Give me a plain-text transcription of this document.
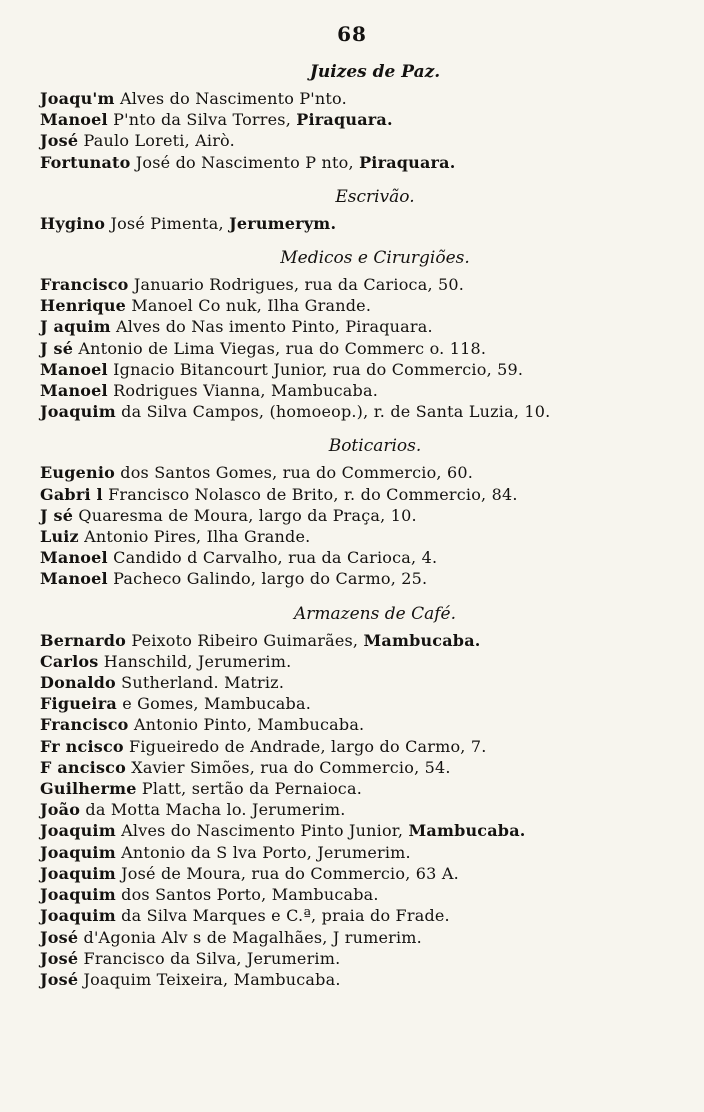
68
Juizes de Paz.
Joaqu'm Alves do Nascimento P'nto.
Manoel P'nto da Silva Torres, Piraquara.
José Paulo Loreti, Airò.
Fortunato José do Nascimento P nto, Piraquara.
Escrivão.
Hygino José Pimenta, Jerumerym.
Medicos e Cirurgiões.
Francisco Januario Rodrigues, rua da Carioca, 50.
Henrique Manoel Co nuk, Ilha Grande.
J aquim Alves do Nas imento Pinto, Piraquara.
J sé Antonio de Lima Viegas, rua do Commerc o. 118.
Manoel Ignacio Bitancourt Junior, rua do Commercio, 59.
Manoel Rodrigues Vianna, Mambucaba.
Joaquim da Silva Campos, (homoeop.), r. de Santa Luzia, 10.
Boticarios.
Eugenio dos Santos Gomes, rua do Commercio, 60.
Gabri l Francisco Nolasco de Brito, r. do Commercio, 84.
J sé Quaresma de Moura, largo da Praça, 10.
Luiz Antonio Pires, Ilha Grande.
Manoel Candido d Carvalho, rua da Carioca, 4.
Manoel Pacheco Galindo, largo do Carmo, 25.
Armazens de Café.
Bernardo Peixoto Ribeiro Guimarães, Mambucaba.
Carlos Hanschild, Jerumerim.
Donaldo Sutherland. Matriz.
Figueira e Gomes, Mambucaba.
Francisco Antonio Pinto, Mambucaba.
Fr ncisco Figueiredo de Andrade, largo do Carmo, 7.
F ancisco Xavier Simões, rua do Commercio, 54.
Guilherme Platt, sertão da Pernaioca.
João da Motta Macha lo. Jerumerim.
Joaquim Alves do Nascimento Pinto Junior, Mambucaba.
Joaquim Antonio da S lva Porto, Jerumerim.
Joaquim José de Moura, rua do Commercio, 63 A.
Joaquim dos Santos Porto, Mambucaba.
Joaquim da Silva Marques e C.ª, praia do Frade.
José d'Agonia Alv s de Magalhães, J rumerim.
José Francisco da Silva, Jerumerim.
José Joaquim Teixeira, Mambucaba.
